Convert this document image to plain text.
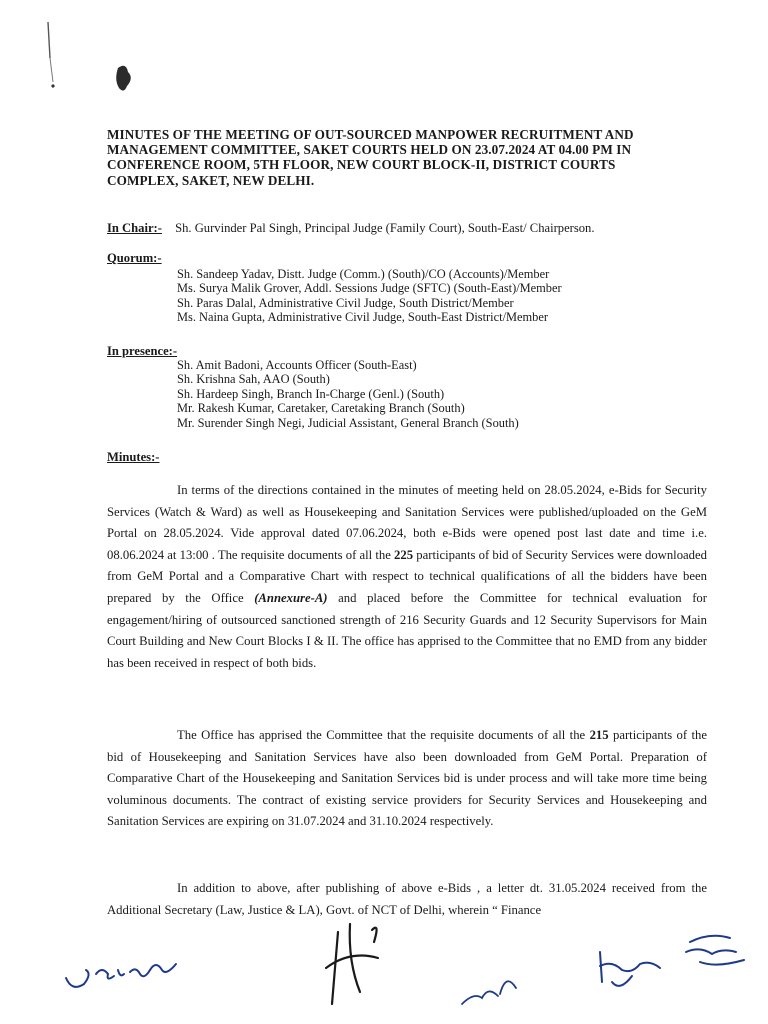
MINUTES OF THE MEETING OF OUT-SOURCED MANPOWER RECRUITMENT AND
MANAGEMENT COMMITTEE, SAKET COURTS HELD ON 23.07.2024 AT 04.00 PM IN
CONFERENCE ROOM, 5TH FLOOR, NEW COURT BLOCK-II, DISTRICT COURTS
COMPLEX, SAKET, NEW DELHI.
In Chair:- Sh. Gurvinder Pal Singh, Principal Judge (Family Court), South-East/ Chairperson.
Quorum:-
Sh. Sandeep Yadav, Distt. Judge (Comm.) (South)/CO (Accounts)/Member
Ms. Surya Malik Grover, Addl. Sessions Judge (SFTC) (South-East)/Member
Sh. Paras Dalal, Administrative Civil Judge, South District/Member
Ms. Naina Gupta, Administrative Civil Judge, South-East District/Member
In presence:-
Sh. Amit Badoni, Accounts Officer (South-East)
Sh. Krishna Sah, AAO (South)
Sh. Hardeep Singh, Branch In-Charge (Genl.) (South)
Mr. Rakesh Kumar, Caretaker, Caretaking Branch (South)
Mr. Surender Singh Negi, Judicial Assistant, General Branch (South)
Minutes:-

In terms of the directions contained in the minutes of meeting held on 28.05.2024, e-Bids for Security Services (Watch & Ward) as well as Housekeeping and Sanitation Services were published/uploaded on the GeM Portal on 28.05.2024. Vide approval dated 07.06.2024, both e-Bids were opened post last date and time i.e. 08.06.2024 at 13:00 . The requisite documents of all the 225 participants of bid of Security Services were downloaded from GeM Portal and a Comparative Chart with respect to technical qualifications of all the bidders have been prepared by the Office (Annexure-A) and placed before the Committee for technical evaluation for engagement/hiring of outsourced sanctioned strength of 216 Security Guards and 12 Security Supervisors for Main Court Building and New Court Blocks I & II. The office has apprised to the Committee that no EMD from any bidder has been received in respect of both bids.

The Office has apprised the Committee that the requisite documents of all the 215 participants of the bid of Housekeeping and Sanitation Services have also been downloaded from GeM Portal. Preparation of Comparative Chart of the Housekeeping and Sanitation Services bid is under process and will take more time being voluminous documents. The contract of existing service providers for Security Services and Housekeeping and Sanitation Services are expiring on 31.07.2024 and 31.10.2024 respectively.

In addition to above, after publishing of above e-Bids , a letter dt. 31.05.2024 received from the Additional Secretary (Law, Justice & LA), Govt. of NCT of Delhi, wherein “ Finance
